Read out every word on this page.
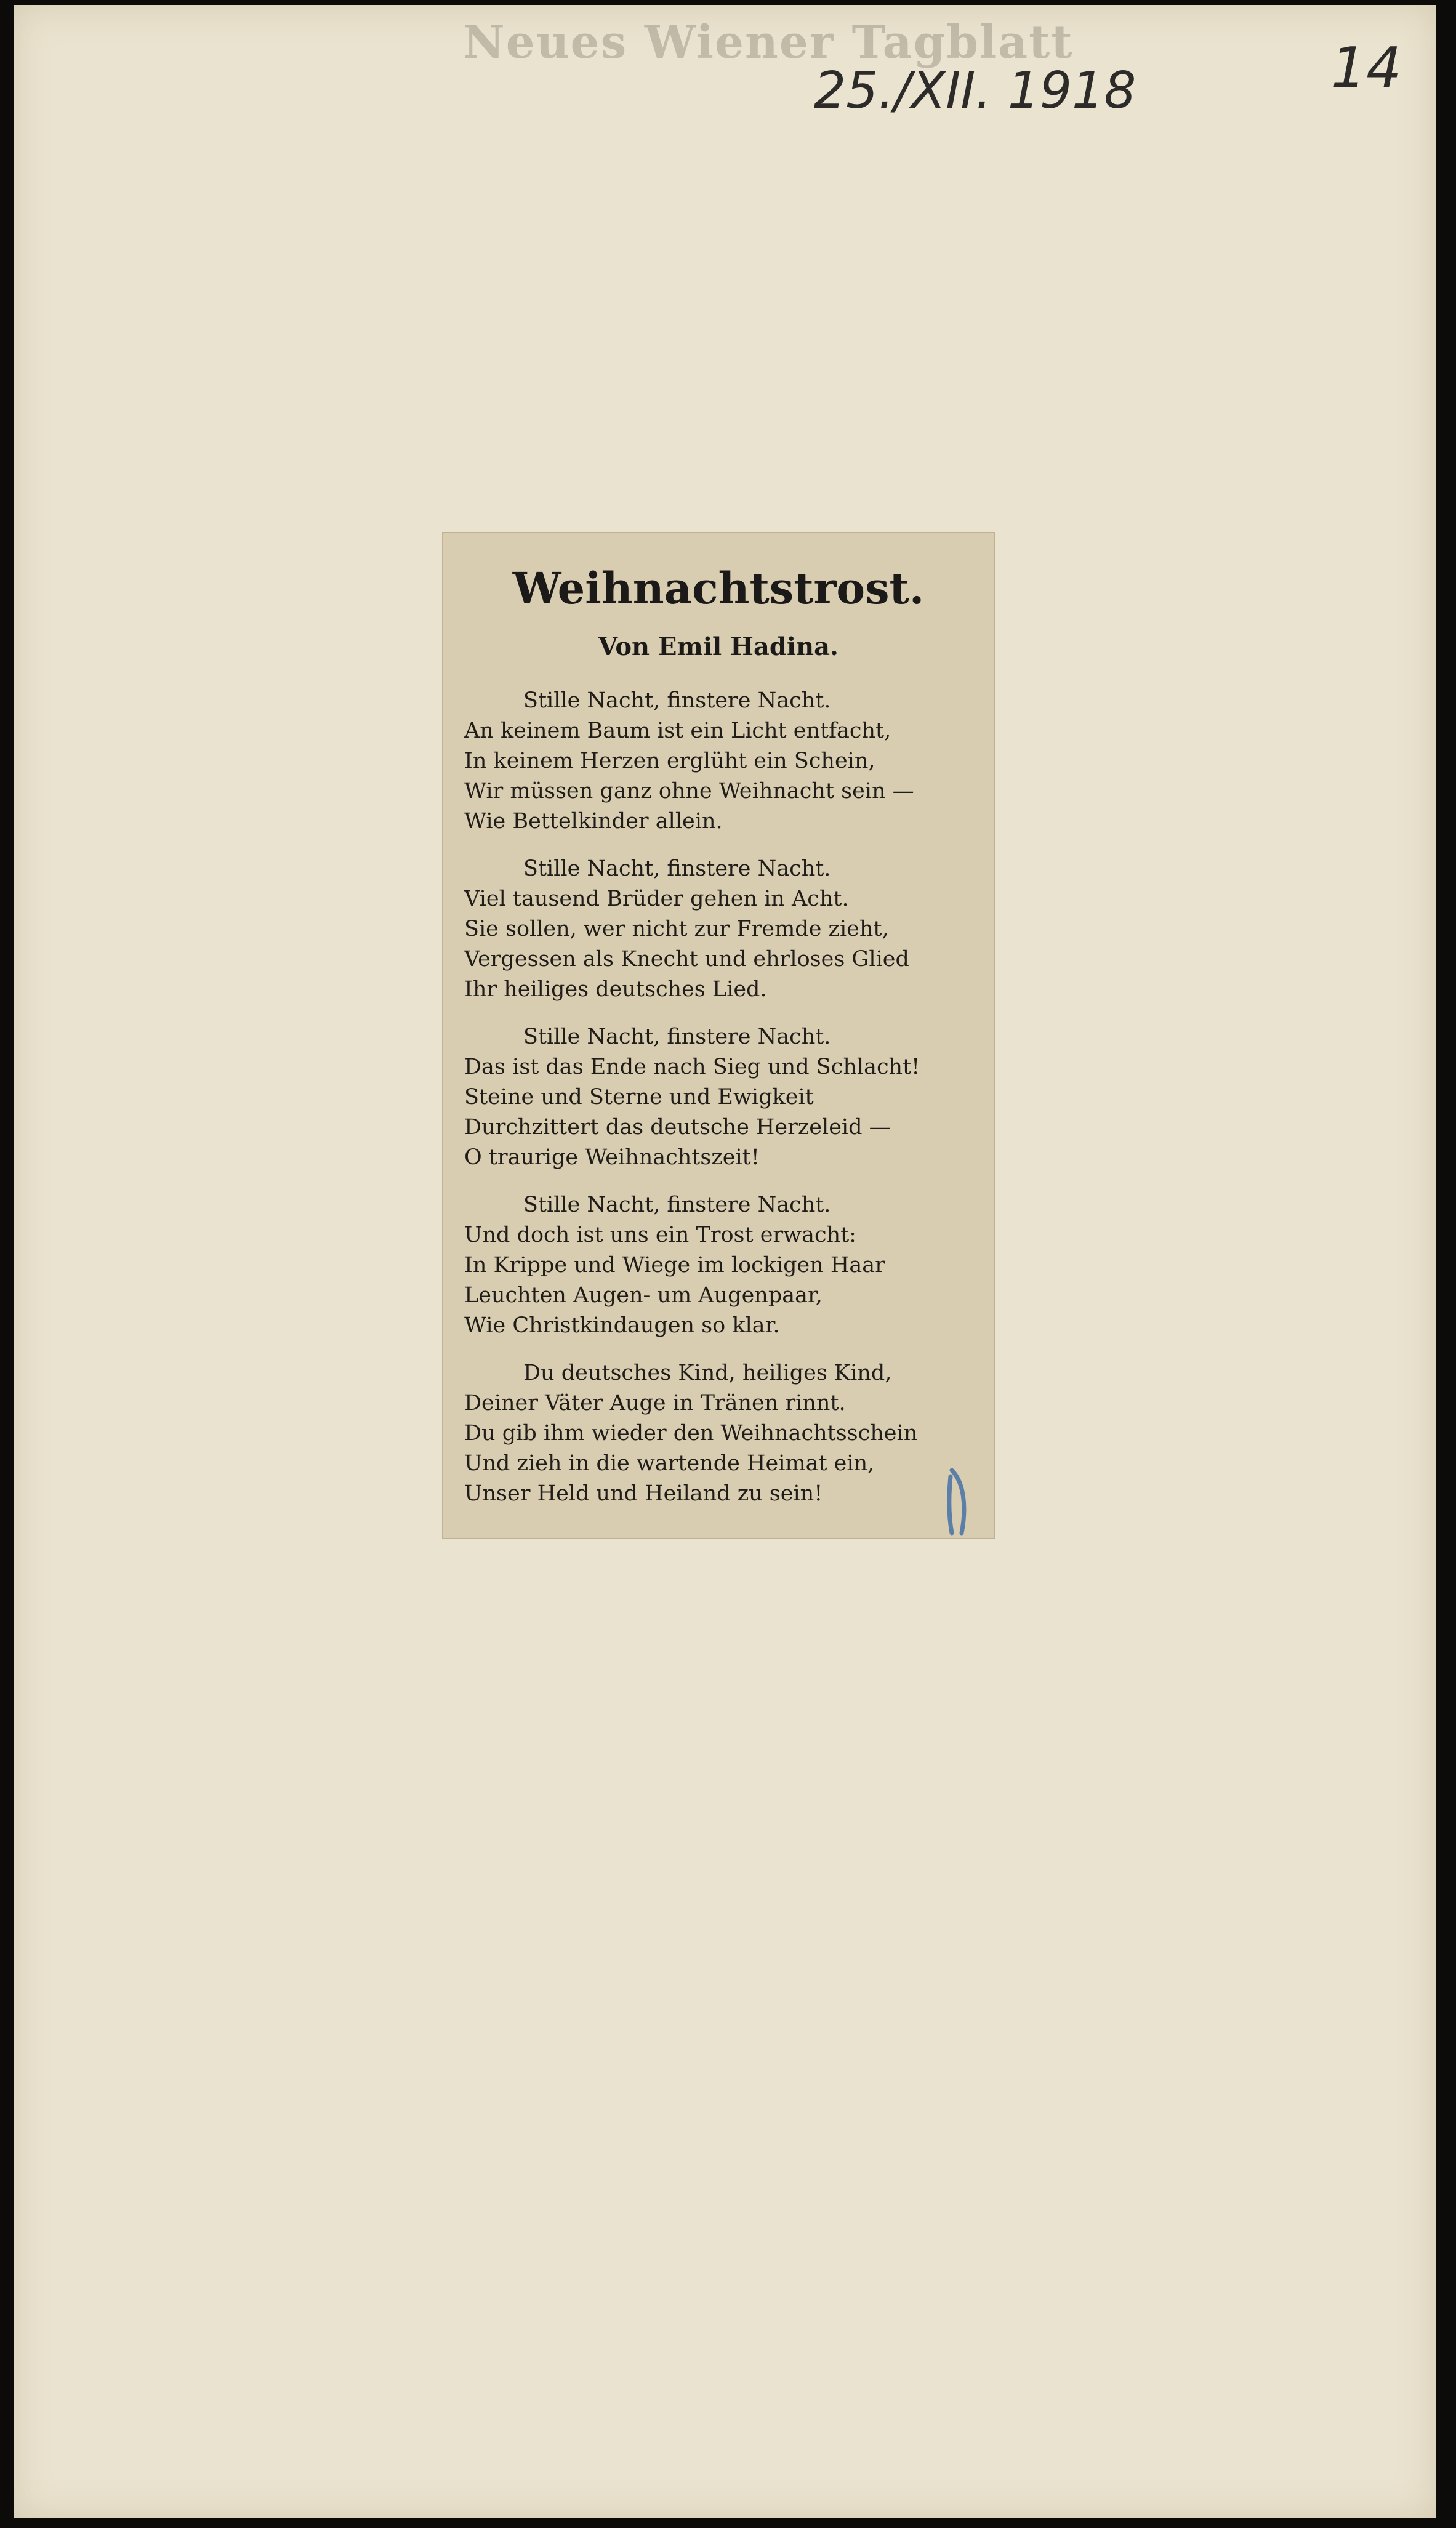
Neues Wiener Tagblatt
25./XII. 1918	14
Weihnachtstrost.
Von Emil Hadina.
Stille Nacht, finstere Nacht.
An keinem Baum ist ein Licht entfacht,
In keinem Herzen erglüht ein Schein,
Wir müssen ganz ohne Weihnacht sein —
Wie Bettelkinder allein.
Stille Nacht, finstere Nacht.
Viel tausend Brüder gehen in Acht.
Sie sollen, wer nicht zur Fremde zieht,
Vergessen als Knecht und ehrloses Glied
Ihr heiliges deutsches Lied.
Stille Nacht, finstere Nacht.
Das ist das Ende nach Sieg und Schlacht!
Steine und Sterne und Ewigkeit
Durchzittert das deutsche Herzeleid —
O traurige Weihnachtszeit!
Stille Nacht, finstere Nacht.
Und doch ist uns ein Trost erwacht:
In Krippe und Wiege im lockigen Haar
Leuchten Augen- um Augenpaar,
Wie Christkindaugen so klar.
Du deutsches Kind, heiliges Kind,
Deiner Väter Auge in Tränen rinnt.
Du gib ihm wieder den Weihnachtsschein
Und zieh in die wartende Heimat ein,
Unser Held und Heiland zu sein!
